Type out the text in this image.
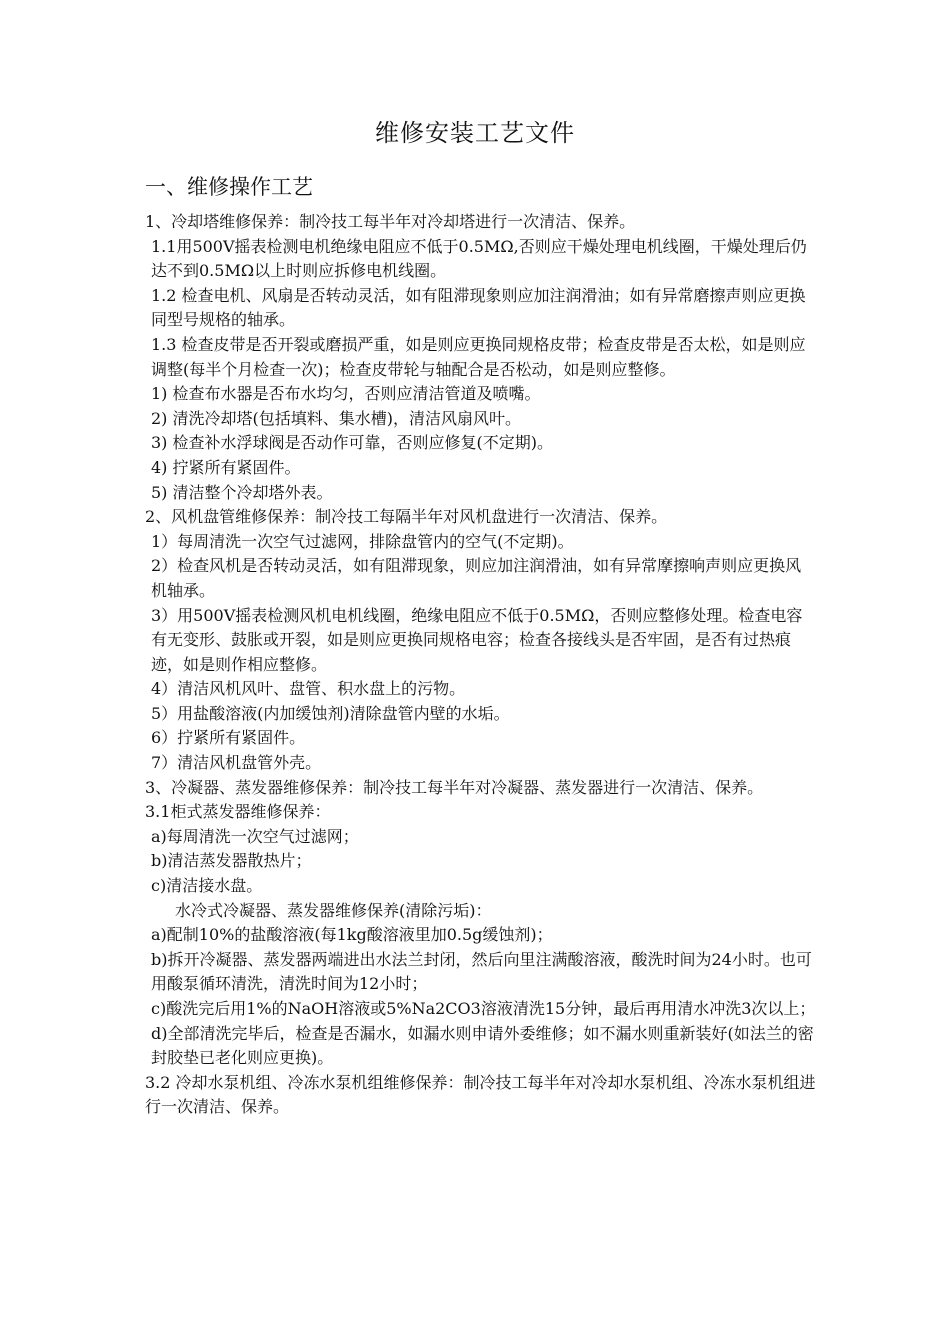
维修安装工艺文件
一、维修操作工艺

1、冷却塔维修保养：制冷技工每半年对冷却塔进行一次清洁、保养。

1.1用500Ⅴ摇表检测电机绝缘电阻应不低于0.5MΩ,否则应干燥处理电机线圈，干燥处理后仍达不到0.5MΩ以上时则应拆修电机线圈。

1.2 检查电机、风扇是否转动灵活，如有阻滞现象则应加注润滑油；如有异常磨擦声则应更换同型号规格的轴承。

1.3 检查皮带是否开裂或磨损严重，如是则应更换同规格皮带；检查皮带是否太松，如是则应调整(每半个月检查一次)；检查皮带轮与轴配合是否松动，如是则应整修。

1) 检查布水器是否布水均匀，否则应清洁管道及喷嘴。

2) 清洗冷却塔(包括填料、集水槽)，清洁风扇风叶。

3) 检查补水浮球阀是否动作可靠，否则应修复(不定期)。

4) 拧紧所有紧固件。

5) 清洁整个冷却塔外表。

2、风机盘管维修保养：制冷技工每隔半年对风机盘进行一次清洁、保养。

1）每周清洗一次空气过滤网，排除盘管内的空气(不定期)。

2）检查风机是否转动灵活，如有阻滞现象，则应加注润滑油，如有异常摩擦响声则应更换风机轴承。

3）用500V摇表检测风机电机线圈，绝缘电阻应不低于0.5MΩ，否则应整修处理。检查电容有无变形、鼓胀或开裂，如是则应更换同规格电容；检查各接线头是否牢固，是否有过热痕迹，如是则作相应整修。

4）清洁风机风叶、盘管、积水盘上的污物。

5）用盐酸溶液(内加缓蚀剂)清除盘管内壁的水垢。

6）拧紧所有紧固件。

7）清洁风机盘管外壳。

3、冷凝器、蒸发器维修保养：制冷技工每半年对冷凝器、蒸发器进行一次清洁、保养。

3.1柜式蒸发器维修保养：

a)每周清洗一次空气过滤网；

b)清洁蒸发器散热片；

c)清洁接水盘。

水冷式冷凝器、蒸发器维修保养(清除污垢)：

a)配制10%的盐酸溶液(每1kg酸溶液里加0.5g缓蚀剂)；

b)拆开冷凝器、蒸发器两端进出水法兰封闭，然后向里注满酸溶液，酸洗时间为24小时。也可用酸泵循环清洗，清洗时间为12小时；

c)酸洗完后用1%的NaOH溶液或5%Na2CO3溶液清洗15分钟，最后再用清水冲洗3次以上；

d)全部清洗完毕后，检查是否漏水，如漏水则申请外委维修；如不漏水则重新装好(如法兰的密封胶垫已老化则应更换)。

3.2 冷却水泵机组、冷冻水泵机组维修保养：制冷技工每半年对冷却水泵机组、冷冻水泵机组进行一次清洁、保养。
